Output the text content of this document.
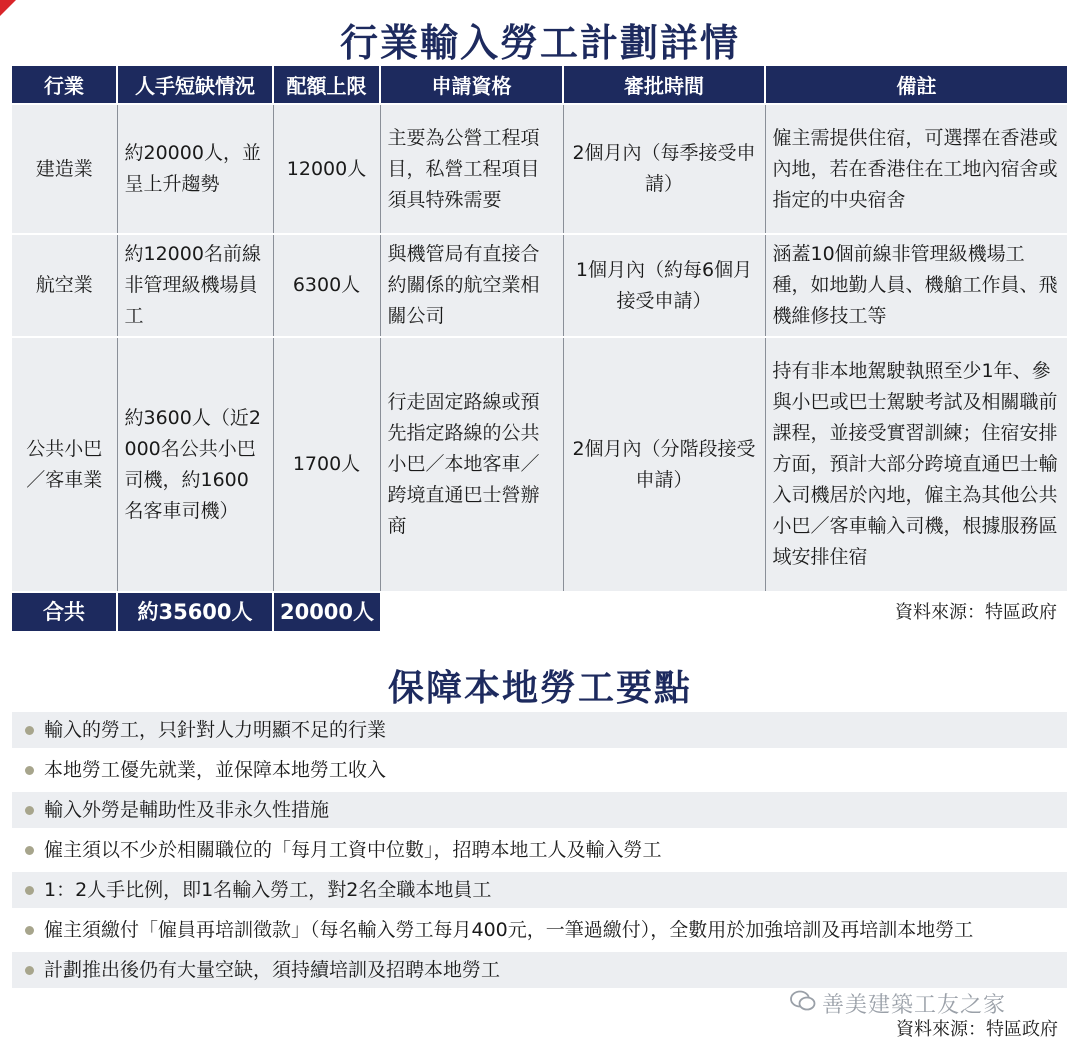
行業輸入勞工計劃詳情
行業	人手短缺情況	配額上限	申請資格	審批時間	備註
建造業	約20000人，並呈上升趨勢	12000人	主要為公營工程項目，私營工程項目須具特殊需要	2個月內（每季接受申請）	僱主需提供住宿，可選擇在香港或內地，若在香港住在工地內宿舍或指定的中央宿舍
航空業	約12000名前線非管理級機場員工	6300人	與機管局有直接合約關係的航空業相關公司	1個月內（約每6個月接受申請）	涵蓋10個前線非管理級機場工種，如地勤人員、機艙工作員、飛機維修技工等
公共小巴／客車業	約3600人（近2000名公共小巴司機，約1600名客車司機）	1700人	行走固定路線或預先指定路線的公共小巴／本地客車／跨境直通巴士營辦商	2個月內（分階段接受申請）	持有非本地駕駛執照至少1年、參與小巴或巴士駕駛考試及相關職前課程，並接受實習訓練；住宿安排方面，預計大部分跨境直通巴士輸入司機居於內地，僱主為其他公共小巴／客車輸入司機，根據服務區域安排住宿
合共	約35600人	20000人	資料來源：特區政府		
保障本地勞工要點
輸入的勞工，只針對人力明顯不足的行業
本地勞工優先就業，並保障本地勞工收入
輸入外勞是輔助性及非永久性措施
僱主須以不少於相關職位的「每月工資中位數」，招聘本地工人及輸入勞工
1：2人手比例，即1名輸入勞工，對2名全職本地員工
僱主須繳付「僱員再培訓徵款」（每名輸入勞工每月400元，一筆過繳付），全數用於加強培訓及再培訓本地勞工
計劃推出後仍有大量空缺，須持續培訓及招聘本地勞工
善美建築工友之家
資料來源：特區政府
